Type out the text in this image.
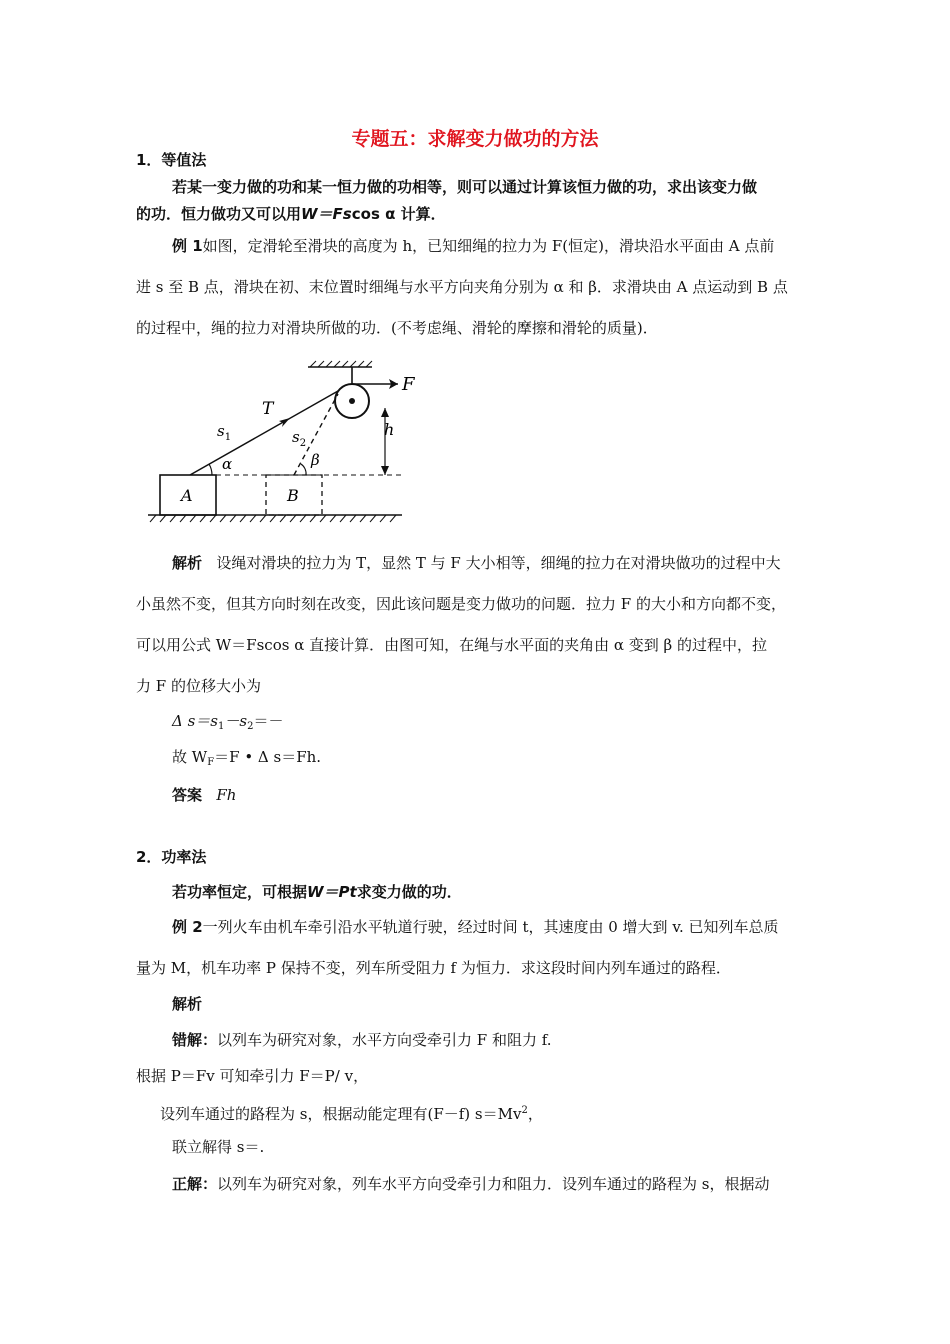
专题五：求解变力做功的方法
1．等值法
若某一变力做的功和某一恒力做的功相等，则可以通过计算该恒力做的功，求出该变力做
的功．恒力做功又可以用W＝Fscos α 计算．
例 1如图，定滑轮至滑块的高度为 h，已知细绳的拉力为 F(恒定)，滑块沿水平面由 A 点前
进 s 至 B 点，滑块在初、末位置时细绳与水平方向夹角分别为 α 和 β．求滑块由 A 点运动到 B 点
的过程中，绳的拉力对滑块所做的功．(不考虑绳、滑轮的摩擦和滑轮的质量)．
F
T
$s_1$	$s_2$
α	β
h
A	B
解析 设绳对滑块的拉力为 T，显然 T 与 F 大小相等，细绳的拉力在对滑块做功的过程中大
小虽然不变，但其方向时刻在改变，因此该问题是变力做功的问题．拉力 F 的大小和方向都不变，
可以用公式 W＝Fscos α 直接计算．由图可知，在绳与水平面的夹角由 α 变到 β 的过程中，拉
力 F 的位移大小为
Δ $s=s_1-s_2=-$
故 $W_F=F$ • Δ s＝Fh.
答案 Fh
2．功率法
若功率恒定，可根据W＝Pt求变力做的功．
例 2一列火车由机车牵引沿水平轨道行驶，经过时间 t，其速度由 0 增大到 v. 已知列车总质
量为 M，机车功率 P 保持不变，列车所受阻力 f 为恒力．求这段时间内列车通过的路程．
解析
错解：以列车为研究对象，水平方向受牵引力 F 和阻力 f.
根据 P＝Fv 可知牵引力 F＝P/ v，
设列车通过的路程为 s，根据动能定理有(F－f) $s=Mv^2$，
联立解得 s＝.
正解：以列车为研究对象，列车水平方向受牵引力和阻力．设列车通过的路程为 s，根据动
